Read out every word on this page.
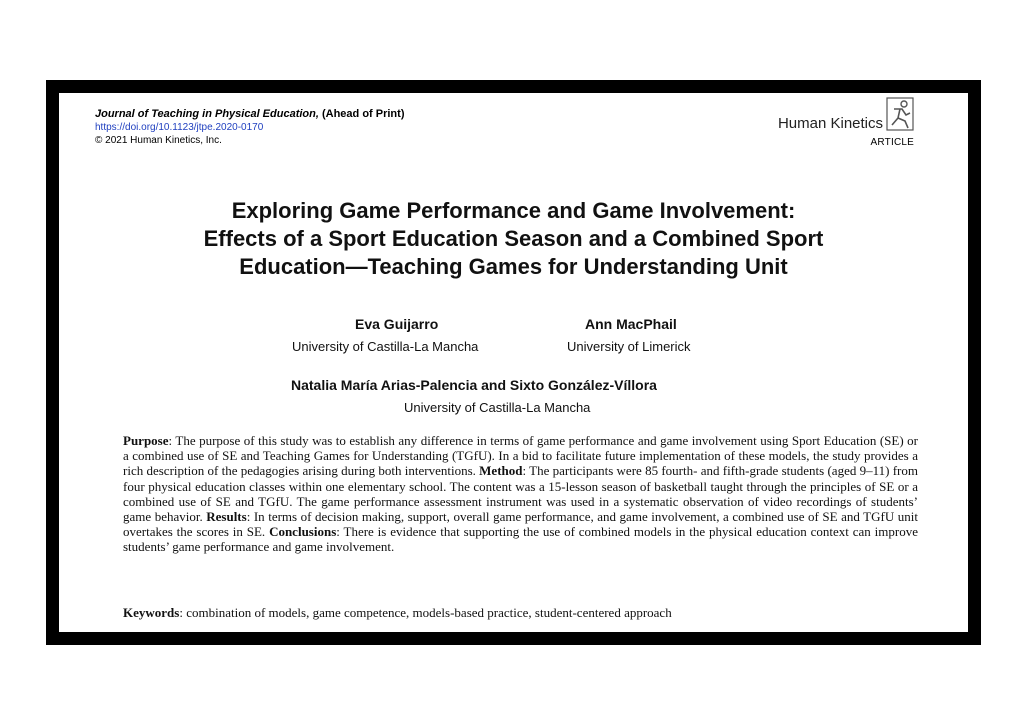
Journal of Teaching in Physical Education, (Ahead of Print)
https://doi.org/10.1123/jtpe.2020-0170
© 2021 Human Kinetics, Inc.
Human Kinetics
ARTICLE
Exploring Game Performance and Game Involvement:
Effects of a Sport Education Season and a Combined Sport
Education—Teaching Games for Understanding Unit
Eva Guijarro
University of Castilla-La Mancha
Ann MacPhail
University of Limerick
Natalia María Arias-Palencia and Sixto González-Víllora
University of Castilla-La Mancha
Purpose: The purpose of this study was to establish any difference in terms of game performance and game involvement using Sport Education (SE) or a combined use of SE and Teaching Games for Understanding (TGfU). In a bid to facilitate future implementation of these models, the study provides a rich description of the pedagogies arising during both interventions. Method: The participants were 85 fourth- and fifth-grade students (aged 9–11) from four physical education classes within one elementary school. The content was a 15-lesson season of basketball taught through the principles of SE or a combined use of SE and TGfU. The game performance assessment instrument was used in a systematic observation of video recordings of students’ game behavior. Results: In terms of decision making, support, overall game performance, and game involvement, a combined use of SE and TGfU unit overtakes the scores in SE. Conclusions: There is evidence that supporting the use of combined models in the physical education context can improve students’ game performance and game involvement.
Keywords: combination of models, game competence, models-based practice, student-centered approach
